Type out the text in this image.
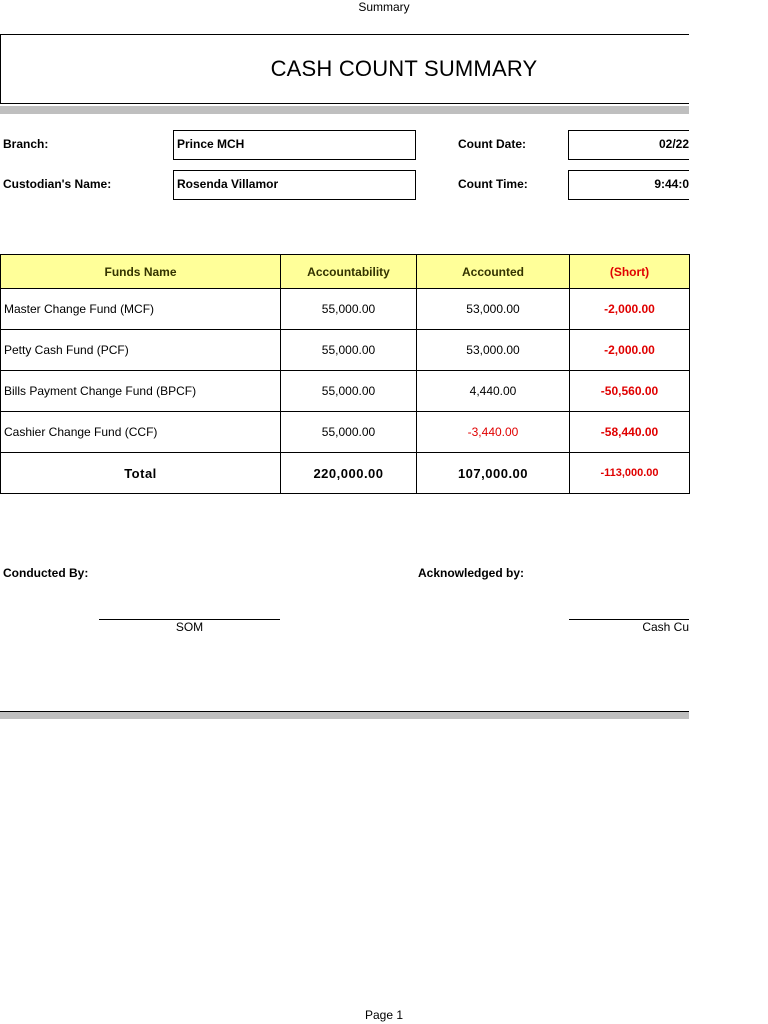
Summary
CASH COUNT SUMMARY
Branch:	Prince MCH	Count Date:	02/22
Custodian's Name:	Rosenda Villamor	Count Time:	9:44:0
Funds Name	Accountability	Accounted	(Short)
Master Change Fund (MCF)	55,000.00	53,000.00	-2,000.00
Petty Cash Fund (PCF)	55,000.00	53,000.00	-2,000.00
Bills Payment Change Fund (BPCF)	55,000.00	4,440.00	-50,560.00
Cashier Change Fund (CCF)	55,000.00	-3,440.00	-58,440.00
Total	220,000.00	107,000.00	-113,000.00
Conducted By:	Acknowledged by:
SOM	Cash Cu
Page 1
